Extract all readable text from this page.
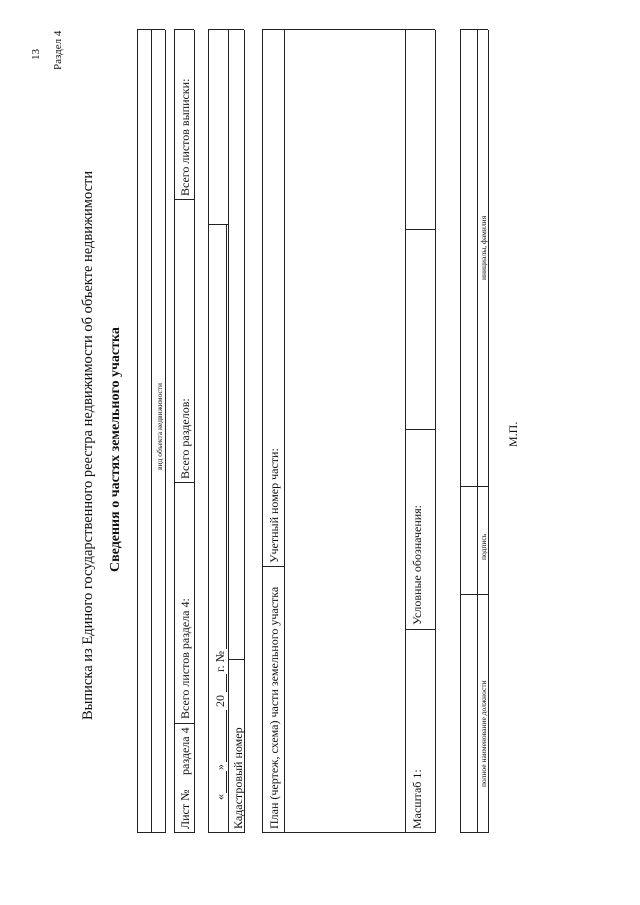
13 Раздел 4
Выписка из Единого государственного реестра недвижимости об объекте недвижимости Сведения о частях земельного участка	вид объекта недвижимости
Лист №
раздела 4
Всего листов раздела 4:
Всего разделов:
Всего листов выписки:
«
»
20
г. №
Кадастровый номер План (чертеж, схема) части земельного участка
Учетный номер части:
Масштаб 1:
Условные обозначения:
полное наименование должности
подпись
инициалы, фамилия
М.П.
